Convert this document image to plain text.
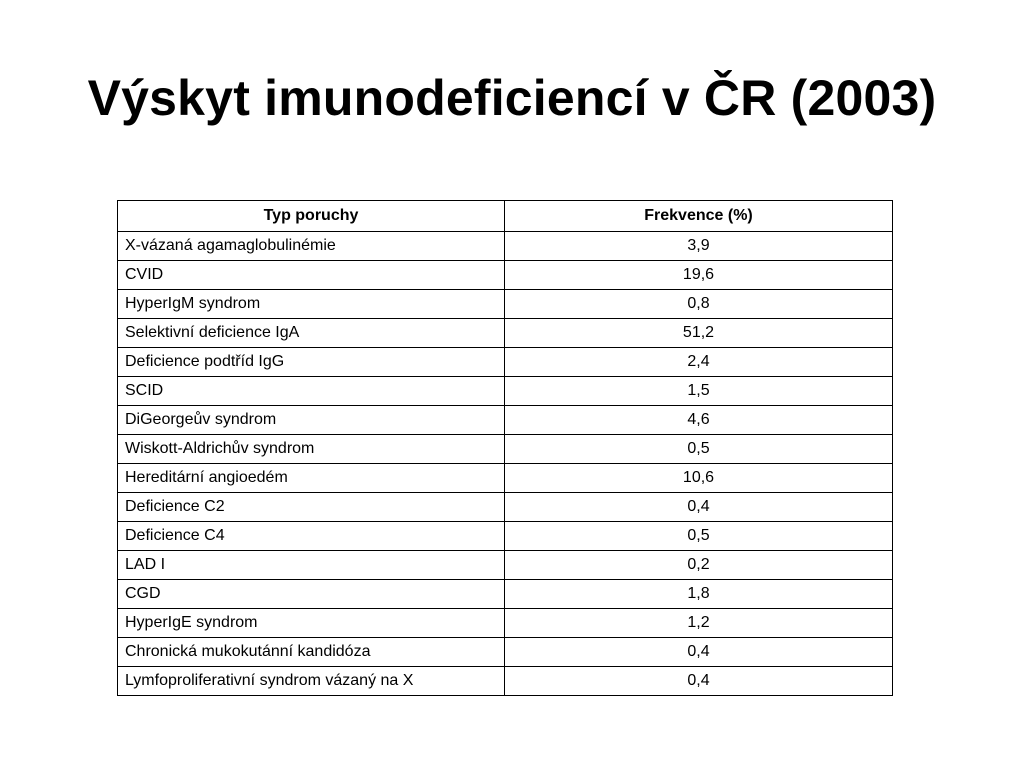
Výskyt imunodeficiencí v ČR (2003)
Typ poruchy	Frekvence (%)
X-vázaná agamaglobulinémie	3,9
CVID	19,6
HyperIgM syndrom	0,8
Selektivní deficience IgA	51,2
Deficience podtříd IgG	2,4
SCID	1,5
DiGeorgeův syndrom	4,6
Wiskott-Aldrichův syndrom	0,5
Hereditární angioedém	10,6
Deficience C2	0,4
Deficience C4	0,5
LAD I	0,2
CGD	1,8
HyperIgE syndrom	1,2
Chronická mukokutánní kandidóza	0,4
Lymfoproliferativní syndrom vázaný na X	0,4
